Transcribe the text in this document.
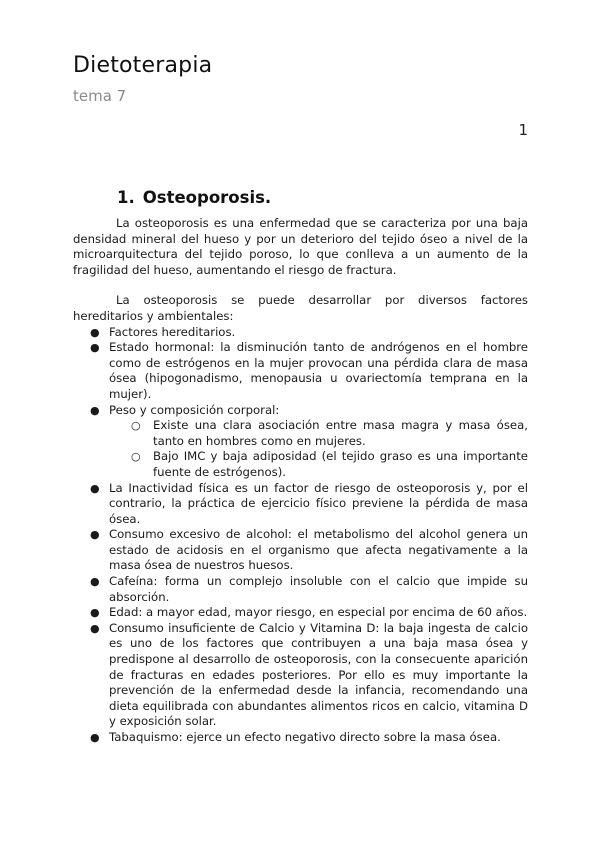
Dietoterapia
tema 7
1
1. Osteoporosis.

La osteoporosis es una enfermedad que se caracteriza por una baja densidad mineral del hueso y por un deterioro del tejido óseo a nivel de la microarquitectura del tejido poroso, lo que conlleva a un aumento de la fragilidad del hueso, aumentando el riesgo de fractura.

La osteoporosis se puede desarrollar por diversos factores hereditarios y ambientales:

● Factores hereditarios.
● Estado hormonal: la disminución tanto de andrógenos en el hombre como de estrógenos en la mujer provocan una pérdida clara de masa ósea (hipogonadismo, menopausia u ovariectomía temprana en la mujer).
● Peso y composición corporal:
○ Existe una clara asociación entre masa magra y masa ósea, tanto en hombres como en mujeres.
○ Bajo IMC y baja adiposidad (el tejido graso es una importante fuente de estrógenos).
● La Inactividad física es un factor de riesgo de osteoporosis y, por el contrario, la práctica de ejercicio físico previene la pérdida de masa ósea.
● Consumo excesivo de alcohol: el metabolismo del alcohol genera un estado de acidosis en el organismo que afecta negativamente a la masa ósea de nuestros huesos.
● Cafeína: forma un complejo insoluble con el calcio que impide su absorción.
● Edad: a mayor edad, mayor riesgo, en especial por encima de 60 años.
● Consumo insuficiente de Calcio y Vitamina D: la baja ingesta de calcio es uno de los factores que contribuyen a una baja masa ósea y predispone al desarrollo de osteoporosis, con la consecuente aparición de fracturas en edades posteriores. Por ello es muy importante la prevención de la enfermedad desde la infancia, recomendando una dieta equilibrada con abundantes alimentos ricos en calcio, vitamina D y exposición solar.
● Tabaquismo: ejerce un efecto negativo directo sobre la masa ósea.
